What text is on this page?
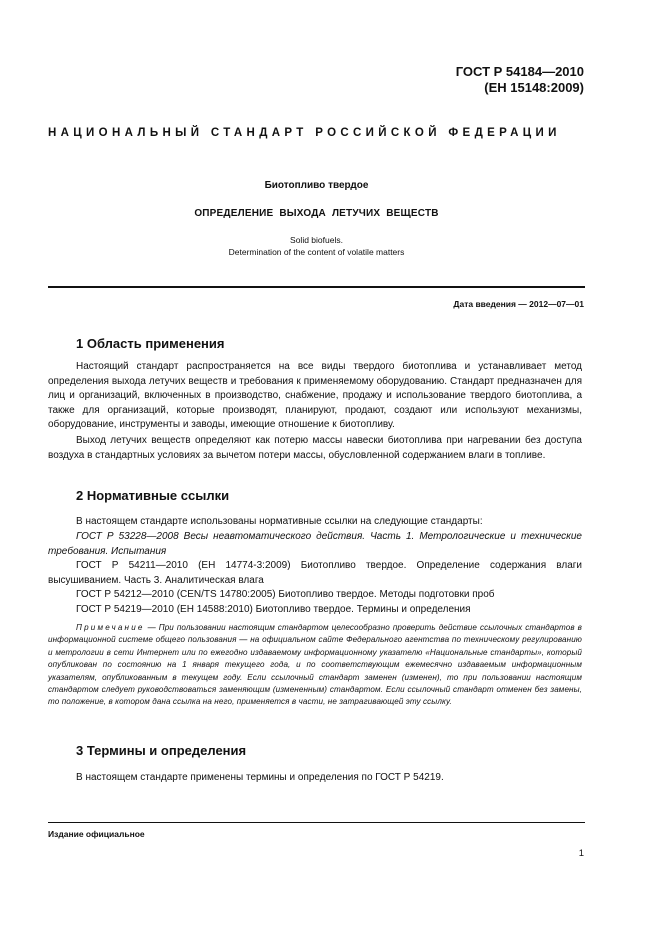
ГОСТ Р 54184—2010
(ЕН 15148:2009)
НАЦИОНАЛЬНЫЙ СТАНДАРТ РОССИЙСКОЙ ФЕДЕРАЦИИ
Биотопливо твердое
ОПРЕДЕЛЕНИЕ ВЫХОДА ЛЕТУЧИХ ВЕЩЕСТВ
Solid biofuels.
Determination of the content of volatile matters
Дата введения — 2012—07—01
1 Область применения

Настоящий стандарт распространяется на все виды твердого биотоплива и устанавливает метод определения выхода летучих веществ и требования к применяемому оборудованию. Стандарт предназначен для лиц и организаций, включенных в производство, снабжение, продажу и использование твердого биотоплива, а также для организаций, которые производят, планируют, продают, создают или используют механизмы, оборудование, инструменты и заводы, имеющие отношение к биотопливу.

Выход летучих веществ определяют как потерю массы навески биотоплива при нагревании без доступа воздуха в стандартных условиях за вычетом потери массы, обусловленной содержанием влаги в топливе.

2 Нормативные ссылки

В настоящем стандарте использованы нормативные ссылки на следующие стандарты:

ГОСТ Р 53228—2008 Весы неавтоматического действия. Часть 1. Метрологические и технические требования. Испытания

ГОСТ Р 54211—2010 (ЕН 14774-3:2009) Биотопливо твердое. Определение содержания влаги высушиванием. Часть 3. Аналитическая влага

ГОСТ Р 54212—2010 (CEN/TS 14780:2005) Биотопливо твердое. Методы подготовки проб

ГОСТ Р 54219—2010 (ЕН 14588:2010) Биотопливо твердое. Термины и определения

Примечание — При пользовании настоящим стандартом целесообразно проверить действие ссылочных стандартов в информационной системе общего пользования — на официальном сайте Федерального агентства по техническому регулированию и метрологии в сети Интернет или по ежегодно издаваемому информационному указателю «Национальные стандарты», который опубликован по состоянию на 1 января текущего года, и по соответствующим ежемесячно издаваемым информационным указателям, опубликованным в текущем году. Если ссылочный стандарт заменен (изменен), то при пользовании настоящим стандартом следует руководствоваться заменяющим (измененным) стандартом. Если ссылочный стандарт отменен без замены, то положение, в котором дана ссылка на него, применяется в части, не затрагивающей эту ссылку.

3 Термины и определения

В настоящем стандарте применены термины и определения по ГОСТ Р 54219.

Издание официальное
1
